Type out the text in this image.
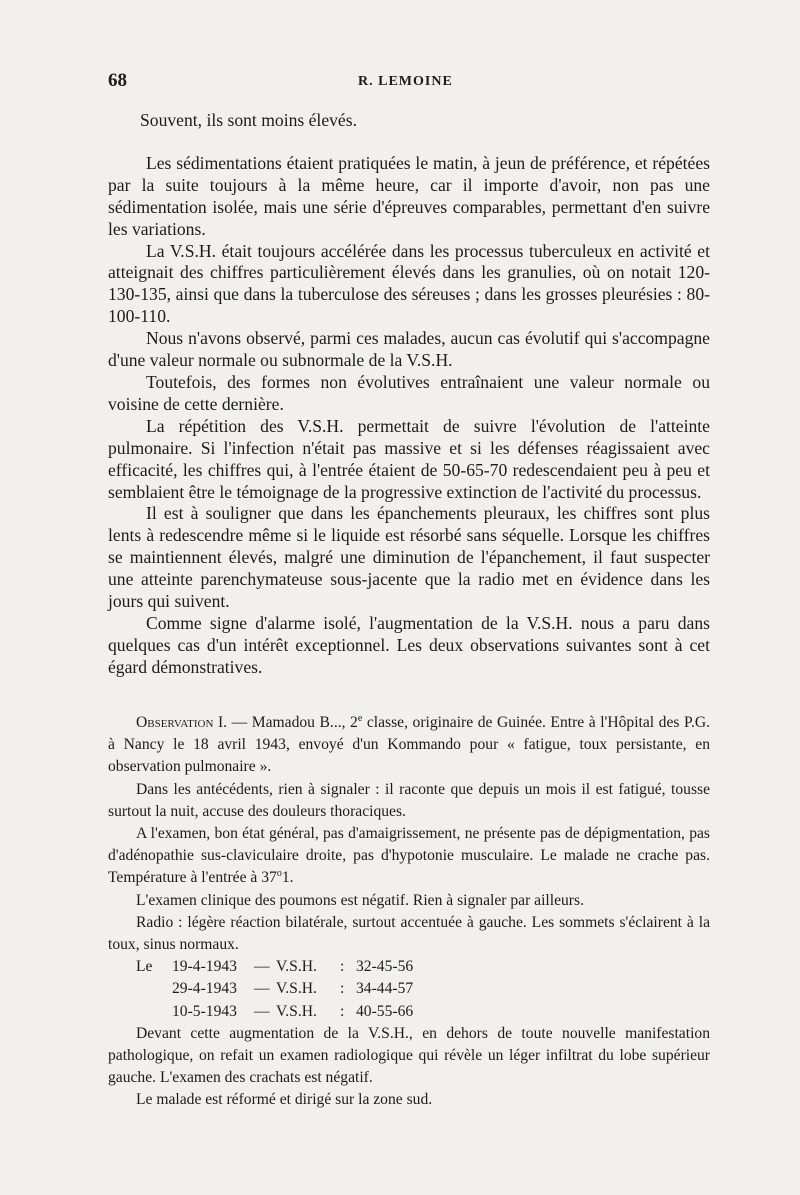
68	R. LEMOINE

Souvent, ils sont moins élevés.

Les sédimentations étaient pratiquées le matin, à jeun de préférence, et répétées par la suite toujours à la même heure, car il importe d'avoir, non pas une sédimentation isolée, mais une série d'épreuves comparables, permettant d'en suivre les variations.

La V.S.H. était toujours accélérée dans les processus tuberculeux en activité et atteignait des chiffres particulièrement élevés dans les granulies, où on notait 120-130-135, ainsi que dans la tuberculose des séreuses ; dans les grosses pleurésies : 80-100-110.

Nous n'avons observé, parmi ces malades, aucun cas évolutif qui s'accompagne d'une valeur normale ou subnormale de la V.S.H.

Toutefois, des formes non évolutives entraînaient une valeur normale ou voisine de cette dernière.

La répétition des V.S.H. permettait de suivre l'évolution de l'atteinte pulmonaire. Si l'infection n'était pas massive et si les défenses réagissaient avec efficacité, les chiffres qui, à l'entrée étaient de 50-65-70 redescendaient peu à peu et semblaient être le témoignage de la progressive extinction de l'activité du processus.

Il est à souligner que dans les épanchements pleuraux, les chiffres sont plus lents à redescendre même si le liquide est résorbé sans séquelle. Lorsque les chiffres se maintiennent élevés, malgré une diminution de l'épanchement, il faut suspecter une atteinte parenchymateuse sous-jacente que la radio met en évidence dans les jours qui suivent.

Comme signe d'alarme isolé, l'augmentation de la V.S.H. nous a paru dans quelques cas d'un intérêt exceptionnel. Les deux observations suivantes sont à cet égard démonstratives.

Observation I. — Mamadou B..., 2e classe, originaire de Guinée. Entre à l'Hôpital des P.G. à Nancy le 18 avril 1943, envoyé d'un Kommando pour « fatigue, toux persistante, en observation pulmonaire ».

Dans les antécédents, rien à signaler : il raconte que depuis un mois il est fatigué, tousse surtout la nuit, accuse des douleurs thoraciques.

A l'examen, bon état général, pas d'amaigrissement, ne présente pas de dépigmentation, pas d'adénopathie sus-claviculaire droite, pas d'hypotonie musculaire. Le malade ne crache pas. Température à l'entrée à 37$^o$1.

L'examen clinique des poumons est négatif. Rien à signaler par ailleurs.

Radio : légère réaction bilatérale, surtout accentuée à gauche. Les sommets s'éclairent à la toux, sinus normaux.

Le	19-4-1943	— V.S.H.	: 32-45-56
29-4-1943	— V.S.H.	: 34-44-57
10-5-1943	— V.S.H.	: 40-55-66

Devant cette augmentation de la V.S.H., en dehors de toute nouvelle manifestation pathologique, on refait un examen radiologique qui révèle un léger infiltrat du lobe supérieur gauche. L'examen des crachats est négatif.

Le malade est réformé et dirigé sur la zone sud.
